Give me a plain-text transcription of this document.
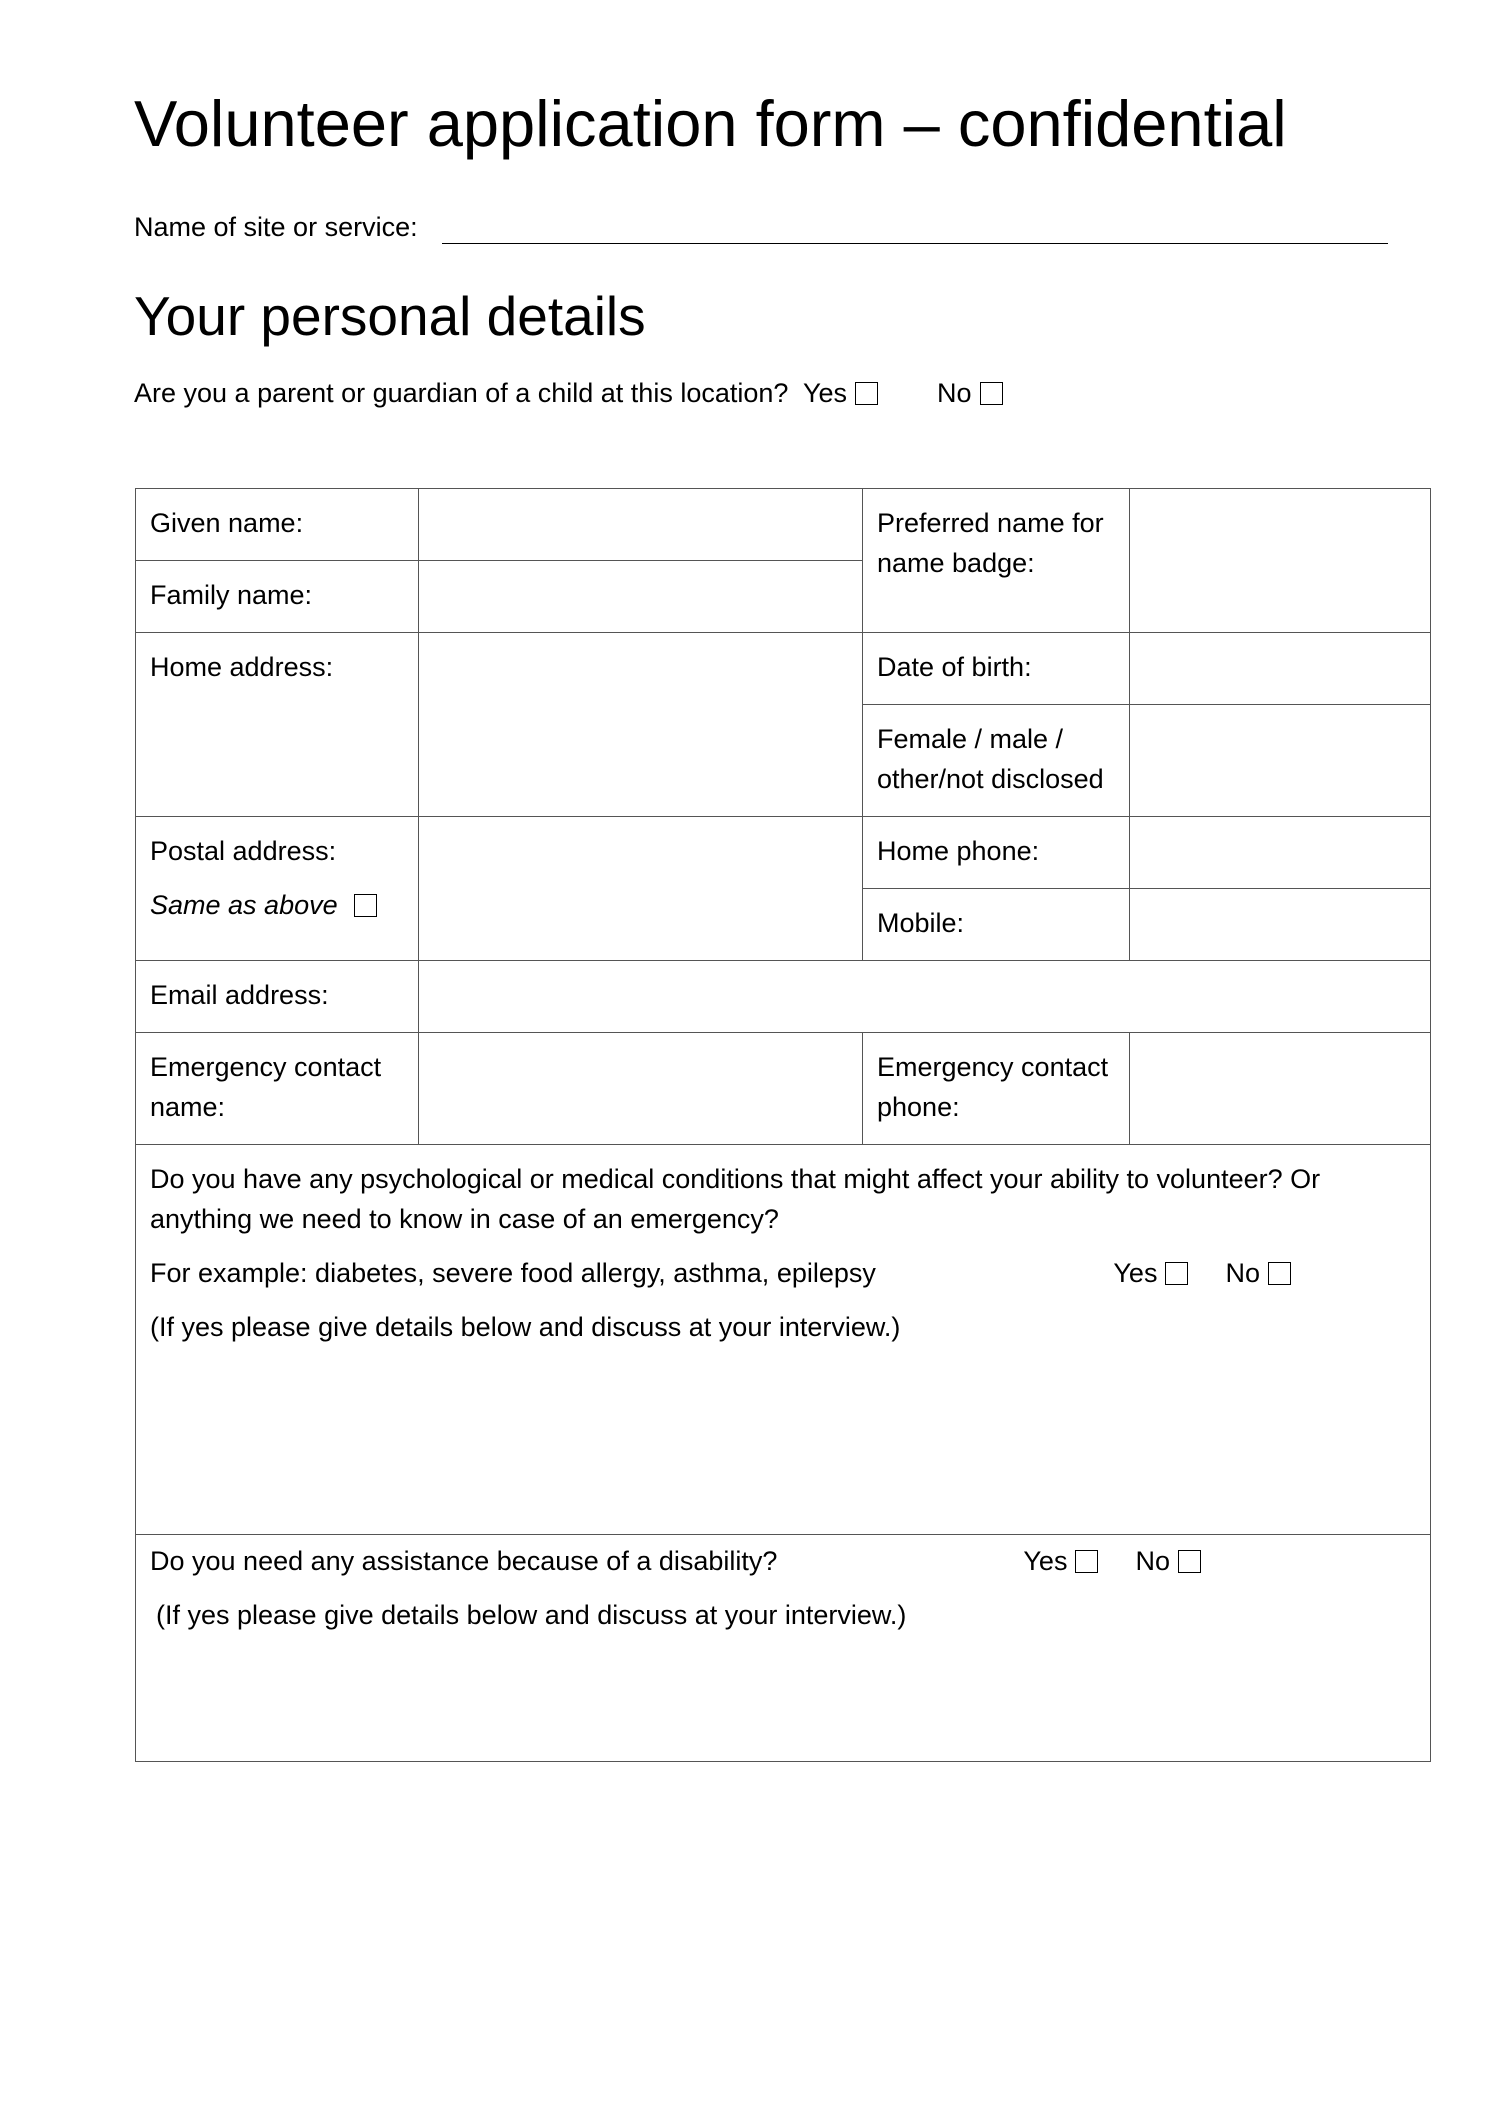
Volunteer application form – confidential
Name of site or service:
Your personal details
Are you a parent or guardian of a child at this location? Yes	No
Given name:		Preferred name for name badge:	
Family name:			
Home address:		Date of birth:	
		Female / male / other/not disclosed	

Postal address:
Same as above		Home phone:	
		Mobile:	
Email address:			
Emergency contact name:		Emergency contact phone:	

Do you have any psychological or medical conditions that might affect your ability to volunteer? Or anything we need to know in case of an emergency?

For example: diabetes, severe food allergy, asthma, epilepsy Yes No
(If yes please give details below and discuss at your interview.)			

Do you need any assistance because of a disability? Yes No
(If yes please give details below and discuss at your interview.)			
